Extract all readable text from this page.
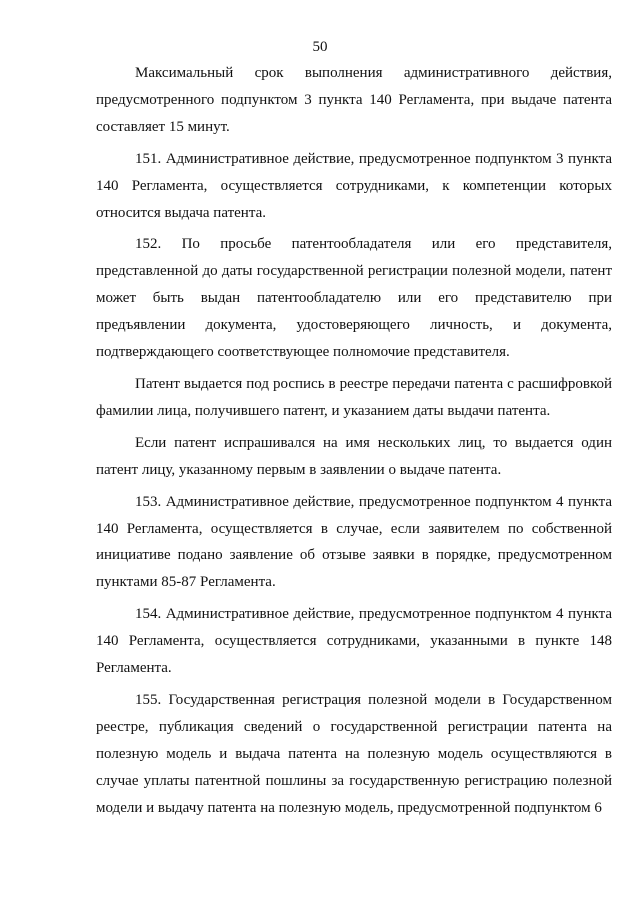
50

Максимальный срок выполнения административного действия, предусмотренного подпунктом 3 пункта 140 Регламента, при выдаче патента составляет 15 минут.

151. Административное действие, предусмотренное подпунктом 3 пункта 140 Регламента, осуществляется сотрудниками, к компетенции которых относится выдача патента.

152. По просьбе патентообладателя или его представителя, представленной до даты государственной регистрации полезной модели, патент может быть выдан патентообладателю или его представителю при предъявлении документа, удостоверяющего личность, и документа, подтверждающего соответствующее полномочие представителя.

Патент выдается под роспись в реестре передачи патента с расшифровкой фамилии лица, получившего патент, и указанием даты выдачи патента.

Если патент испрашивался на имя нескольких лиц, то выдается один патент лицу, указанному первым в заявлении о выдаче патента.

153. Административное действие, предусмотренное подпунктом 4 пункта 140 Регламента, осуществляется в случае, если заявителем по собственной инициативе подано заявление об отзыве заявки в порядке, предусмотренном пунктами 85-87 Регламента.

154. Административное действие, предусмотренное подпунктом 4 пункта 140 Регламента, осуществляется сотрудниками, указанными в пункте 148 Регламента.

155. Государственная регистрация полезной модели в Государственном реестре, публикация сведений о государственной регистрации патента на полезную модель и выдача патента на полезную модель осуществляются в случае уплаты патентной пошлины за государственную регистрацию полезной модели и выдачу патента на полезную модель, предусмотренной подпунктом 6
